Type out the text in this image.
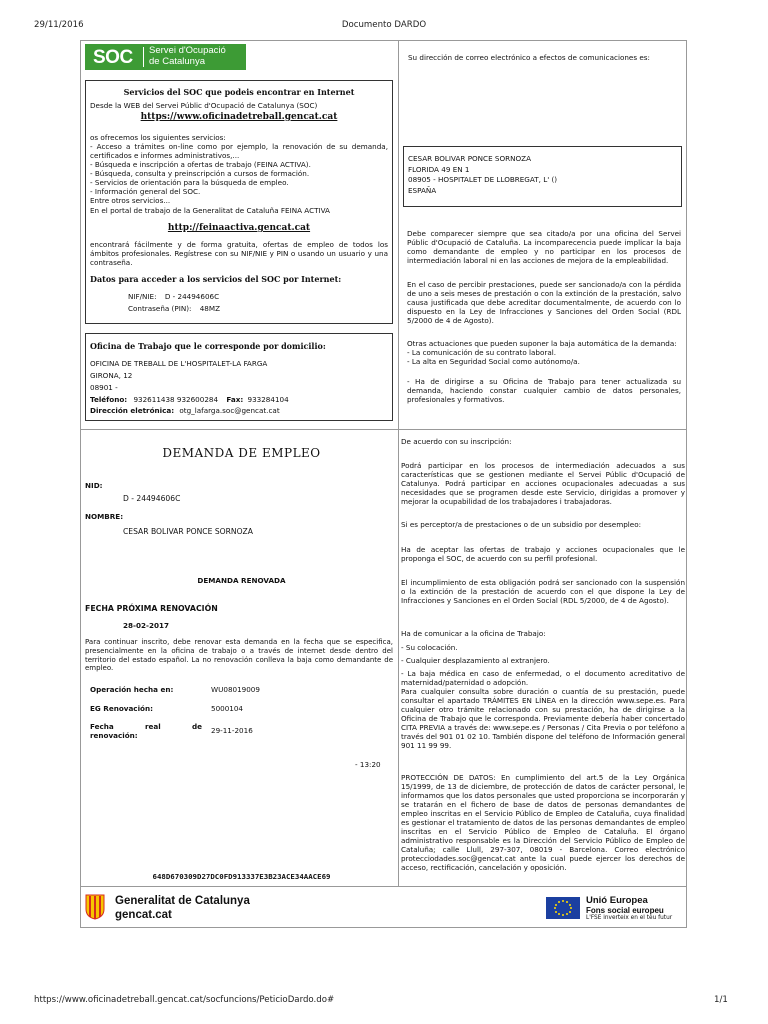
29/11/2016	Documento DARDO
SOC Servei d'Ocupació
de Catalunya
Servicios del SOC que podeis encontrar en Internet
Desde la WEB del Servei Públic d'Ocupació de Catalunya (SOC)
https://www.oficinadetreball.gencat.cat
os ofrecemos los siguientes servicios:
- Acceso a trámites on-line como por ejemplo, la renovación de su demanda, certificados e informes administrativos,...
- Búsqueda e inscripción a ofertas de trabajo (FEINA ACTIVA).
- Búsqueda, consulta y preinscripción a cursos de formación.
- Servicios de orientación para la búsqueda de empleo.
- Información general del SOC.
Entre otros servicios...
En el portal de trabajo de la Generalitat de Cataluña FEINA ACTIVA
http://feinaactiva.gencat.cat
encontrará fácilmente y de forma gratuita, ofertas de empleo de todos los ámbitos profesionales. Regístrese con su NIF/NIE y PIN o usando un usuario y una contraseña.
Datos para acceder a los servicios del SOC por Internet:
NIF/NIE: D - 24494606C
Contraseña (PIN): 48MZ
Oficina de Trabajo que le corresponde por domicilio:
OFICINA DE TREBALL DE L'HOSPITALET-LA FARGA
GIRONA, 12
08901 -
Teléfono: 932611438 932600284 Fax: 933284104
Dirección eletrónica: otg_lafarga.soc@gencat.cat
Su dirección de correo electrónico a efectos de comunicaciones es:
CESAR BOLIVAR PONCE SORNOZA
FLORIDA 49 EN 1
08905 - HOSPITALET DE LLOBREGAT, L' ()
ESPAÑA
Debe comparecer siempre que sea citado/a por una oficina del Servei Públic d'Ocupació de Cataluña. La incomparecencia puede implicar la baja como demandante de empleo y no participar en los procesos de intermediación laboral ni en las acciones de mejora de la empleabilidad.
En el caso de percibir prestaciones, puede ser sancionado/a con la pérdida de uno a seis meses de prestación o con la extinción de la prestación, salvo causa justificada que debe acreditar documentalmente, de acuerdo con lo dispuesto en la Ley de Infracciones y Sanciones del Orden Social (RDL 5/2000 de 4 de Agosto).
Otras actuaciones que pueden suponer la baja automática de la demanda:
- La comunicación de su contrato laboral.
- La alta en Seguridad Social como autónomo/a.
- Ha de dirigirse a su Oficina de Trabajo para tener actualizada su demanda, haciendo constar cualquier cambio de datos personales, profesionales y formativos.
DEMANDA DE EMPLEO
NID:
D - 24494606C
NOMBRE:
CESAR BOLIVAR PONCE SORNOZA
DEMANDA RENOVADA
FECHA PRÓXIMA RENOVACIÓN
28-02-2017
Para continuar inscrito, debe renovar esta demanda en la fecha que se especifica, presencialmente en la oficina de trabajo o a través de internet desde dentro del territorio del estado español. La no renovación conlleva la baja como demandante de empleo.
Operación hecha en:	WU08019009
EG Renovación:	5000104
Fecha	real	de
renovación:
29-11-2016
- 13:20
648D670309D27DC0FD913337E3B23ACE34AACE69
De acuerdo con su inscripción:
Podrá participar en los procesos de intermediación adecuados a sus características que se gestionen mediante el Servei Públic d'Ocupació de Catalunya. Podrá participar en acciones ocupacionales adecuadas a sus necesidades que se programen desde este Servicio, dirigidas a promover y mejorar la ocupabilidad de los trabajadores i trabajadoras.
Si es perceptor/a de prestaciones o de un subsidio por desempleo:
Ha de aceptar las ofertas de trabajo y acciones ocupacionales que le proponga el SOC, de acuerdo con su perfil profesional.
El incumplimiento de esta obligación podrá ser sancionado con la suspensión o la extinción de la prestación de acuerdo con el que dispone la Ley de Infracciones y Sanciones en el Orden Social (RDL 5/2000, de 4 de Agosto).
Ha de comunicar a la oficina de Trabajo:
- Su colocación.
- Cualquier desplazamiento al extranjero.
- La baja médica en caso de enfermedad, o el documento acreditativo de maternidad/paternidad o adopción.
Para cualquier consulta sobre duración o cuantía de su prestación, puede consultar el apartado TRÁMITES EN LÍNEA en la dirección www.sepe.es. Para cualquier otro trámite relacionado con su prestación, ha de dirigirse a la Oficina de Trabajo que le corresponda. Previamente debería haber concertado CITA PREVIA a través de: www.sepe.es / Personas / Cita Previa o por teléfono a través del 901 01 02 10. También dispone del teléfono de Información general 901 11 99 99.
PROTECCIÓN DE DATOS: En cumplimiento del art.5 de la Ley Orgánica 15/1999, de 13 de diciembre, de protección de datos de carácter personal, le informamos que los datos personales que usted proporciona se incorporarán y se tratarán en el fichero de base de datos de personas demandantes de empleo inscritas en el Servicio Público de Empleo de Cataluña, cuya finalidad es gestionar el tratamiento de datos de las personas demandantes de empleo inscritas en el Servicio Público de Empleo de Cataluña. El órgano administrativo responsable es la Dirección del Servicio Público de Empleo de Cataluña; calle Llull, 297-307, 08019 - Barcelona. Correo electrónico protecciodades.soc@gencat.cat ante la cual puede ejercer los derechos de acceso, rectificación, cancelación y oposición.
Generalitat de Catalunya
gencat.cat
Unió Europea
Fons social europeu
L'FSE inverteix en el teu futur
https://www.oficinadetreball.gencat.cat/socfuncions/PeticioDardo.do#	1/1
